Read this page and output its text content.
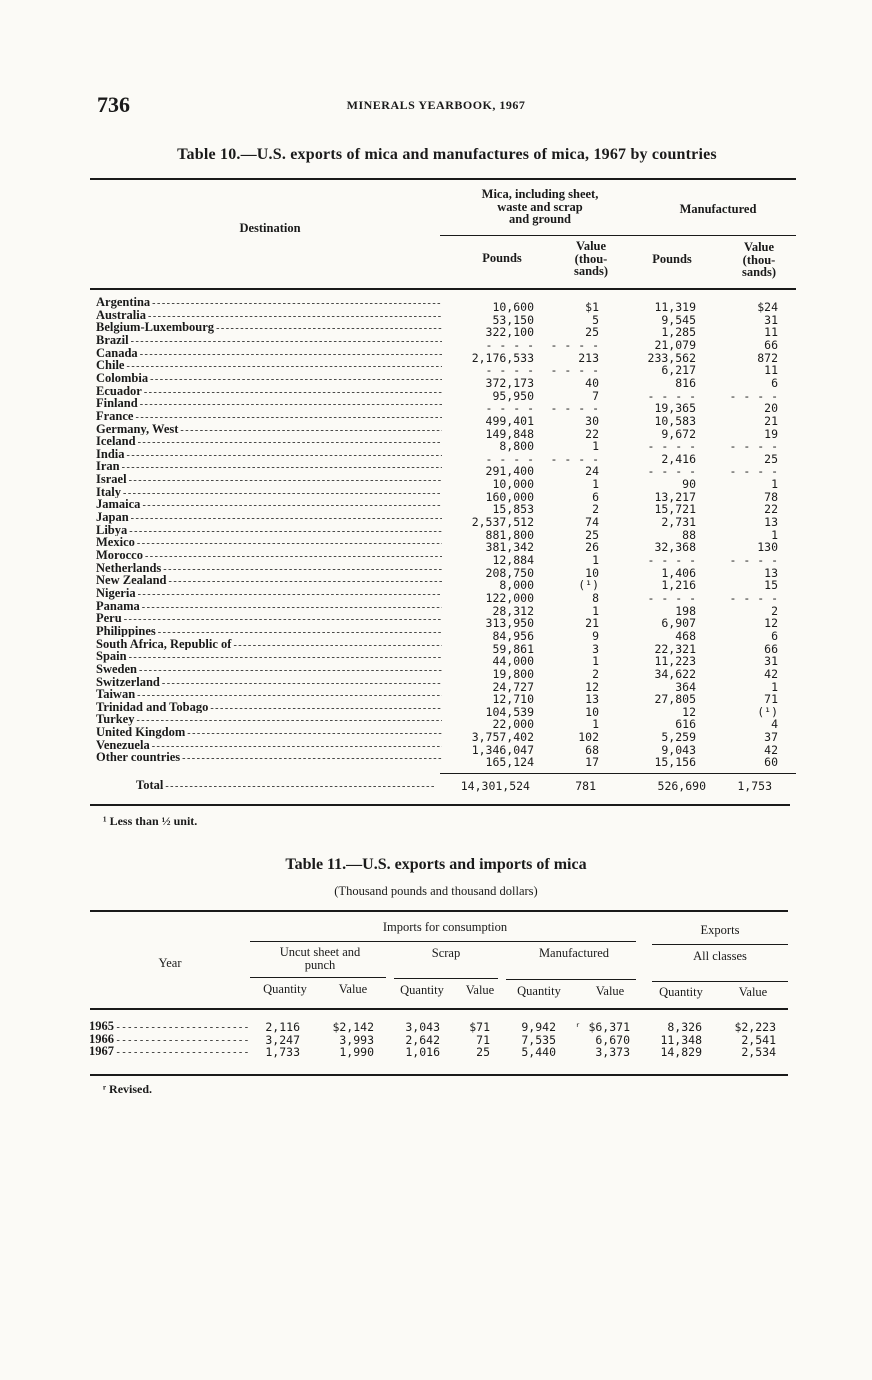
736	MINERALS YEARBOOK, 1967
Table 10.—U.S. exports of mica and manufactures of mica, 1967 by countries
Destination
Mica, including sheet,
waste and scrap
and ground
Manufactured
Pounds
Value
(thou-
sands)
Pounds
Value
(thou-
sands)
Argentina - - -	10,600	$1	11,319	$24
Australia - - -	53,150	5	9,545	31
Belgium-Luxembourg - - -	322,100	25	1,285	11
Brazil - - -	- - - -	- - - -	21,079	66
Canada - - -	2,176,533	213	233,562	872
Chile - - -	- - - -	- - - -	6,217	11
Colombia - - -	372,173	40	816	6
Ecuador - - -	95,950	7	- - - -	- - - -
Finland - - -	- - - -	- - - -	19,365	20
France - - -	499,401	30	10,583	21
Germany, West - - -	149,848	22	9,672	19
Iceland - - -	8,800	1	- - - -	- - - -
India - - -	- - - -	- - - -	2,416	25
Iran - - -	291,400	24	- - - -	- - - -
Israel - - -	10,000	1	90	1
Italy - - -	160,000	6	13,217	78
Jamaica - - -	15,853	2	15,721	22
Japan - - -	2,537,512	74	2,731	13
Libya - - -	881,800	25	88	1
Mexico - - -	381,342	26	32,368	130
Morocco - - -	12,884	1	- - - -	- - - -
Netherlands - - -	208,750	10	1,406	13
New Zealand - - -	8,000	(¹)	1,216	15
Nigeria - - -	122,000	8	- - - -	- - - -
Panama - - -	28,312	1	198	2
Peru - - -	313,950	21	6,907	12
Philippines - - -	84,956	9	468	6
South Africa, Republic of - - -	59,861	3	22,321	66
Spain - - -	44,000	1	11,223	31
Sweden - - -	19,800	2	34,622	42
Switzerland - - -	24,727	12	364	1
Taiwan - - -	12,710	13	27,805	71
Trinidad and Tobago - - -	104,539	10	12	(¹)
Turkey - - -	22,000	1	616	4
United Kingdom - - -	3,757,402	102	5,259	37
Venezuela - - -	1,346,047	68	9,043	42
Other countries - - -	165,124	17	15,156	60
Total - - -	14,301,524	781	526,690	1,753
¹ Less than ½ unit.
Table 11.—U.S. exports and imports of mica
(Thousand pounds and thousand dollars)
Imports for consumption	Exports
Year
Uncut sheet and
punch
Scrap	Manufactured	All classes
Quantity	Value	Quantity	Value	Quantity	Value	Quantity	Value
1965 - - -	2,116	$2,142	3,043	$71	9,942	ʳ $6,371	8,326	$2,223
1966 - - -	3,247	3,993	2,642	71	7,535	6,670	11,348	2,541
1967 - - -	1,733	1,990	1,016	25	5,440	3,373	14,829	2,534
ʳ Revised.
